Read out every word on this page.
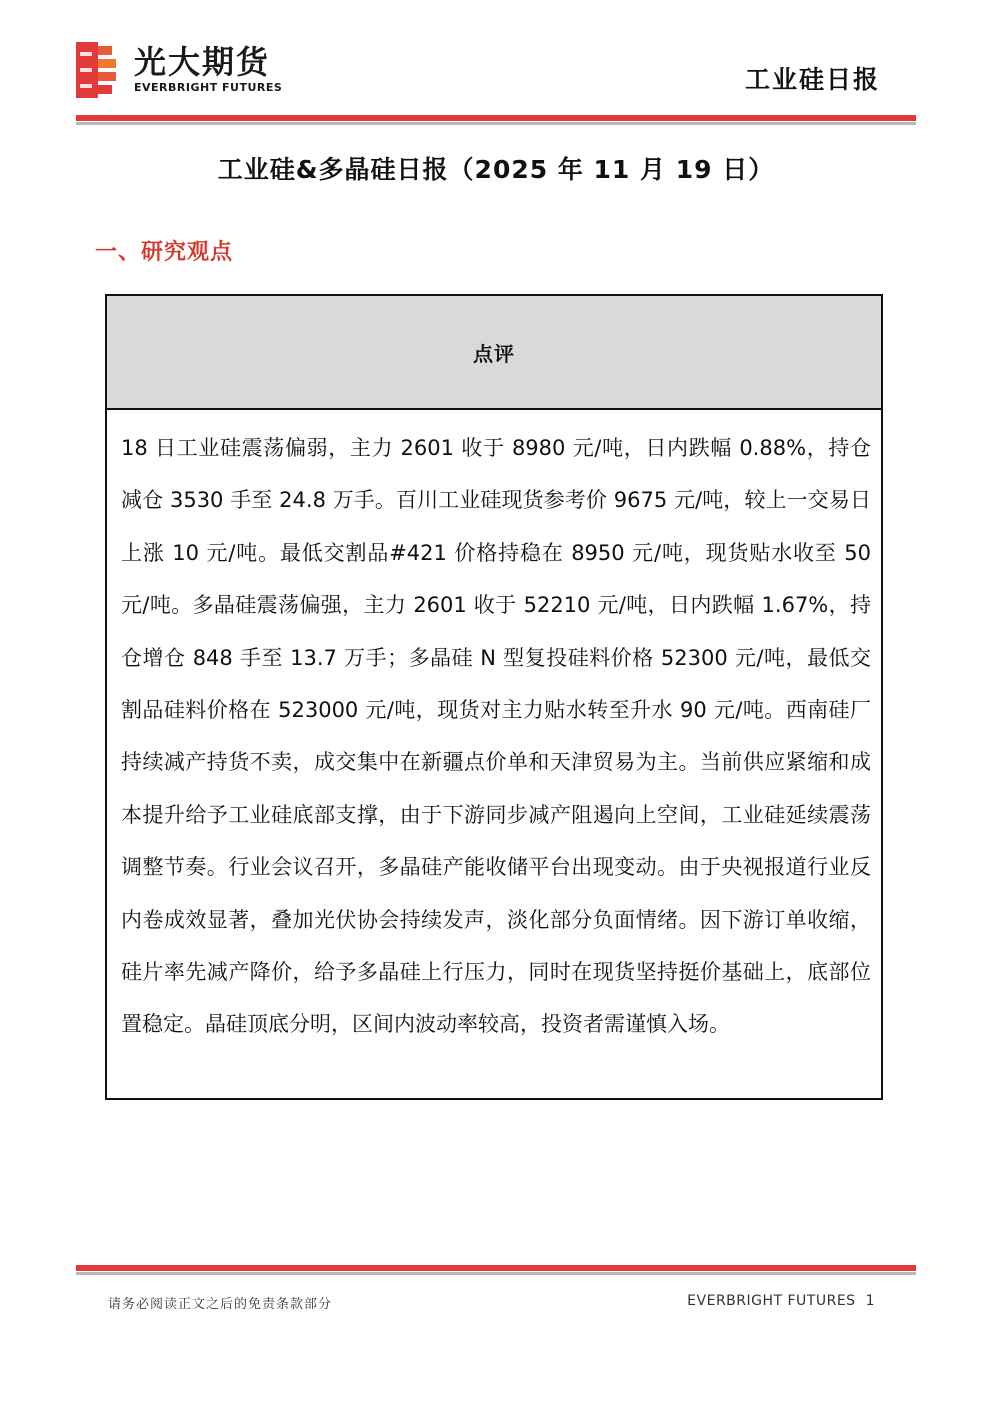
光大期货
EVERBRIGHT FUTURES	工业硅日报
工业硅&多晶硅日报（2025 年 11 月 19 日）
一、研究观点
点评
18 日工业硅震荡偏弱，主力 2601 收于 8980 元/吨，日内跌幅 0.88%，持仓减仓 3530 手至 24.8 万手。百川工业硅现货参考价 9675 元/吨，较上一交易日上涨 10 元/吨。最低交割品#421 价格持稳在 8950 元/吨，现货贴水收至 50 元/吨。多晶硅震荡偏强，主力 2601 收于 52210 元/吨，日内跌幅 1.67%，持仓增仓 848 手至 13.7 万手；多晶硅 N 型复投硅料价格 52300 元/吨，最低交割品硅料价格在 523000 元/吨，现货对主力贴水转至升水 90 元/吨。西南硅厂持续减产持货不卖，成交集中在新疆点价单和天津贸易为主。当前供应紧缩和成本提升给予工业硅底部支撑，由于下游同步减产阻遏向上空间，工业硅延续震荡调整节奏。行业会议召开，多晶硅产能收储平台出现变动。由于央视报道行业反内卷成效显著，叠加光伏协会持续发声，淡化部分负面情绪。因下游订单收缩，硅片率先减产降价，给予多晶硅上行压力，同时在现货坚持挺价基础上，底部位置稳定。晶硅顶底分明，区间内波动率较高，投资者需谨慎入场。
请务必阅读正文之后的免责条款部分	EVERBRIGHT FUTURES 1
